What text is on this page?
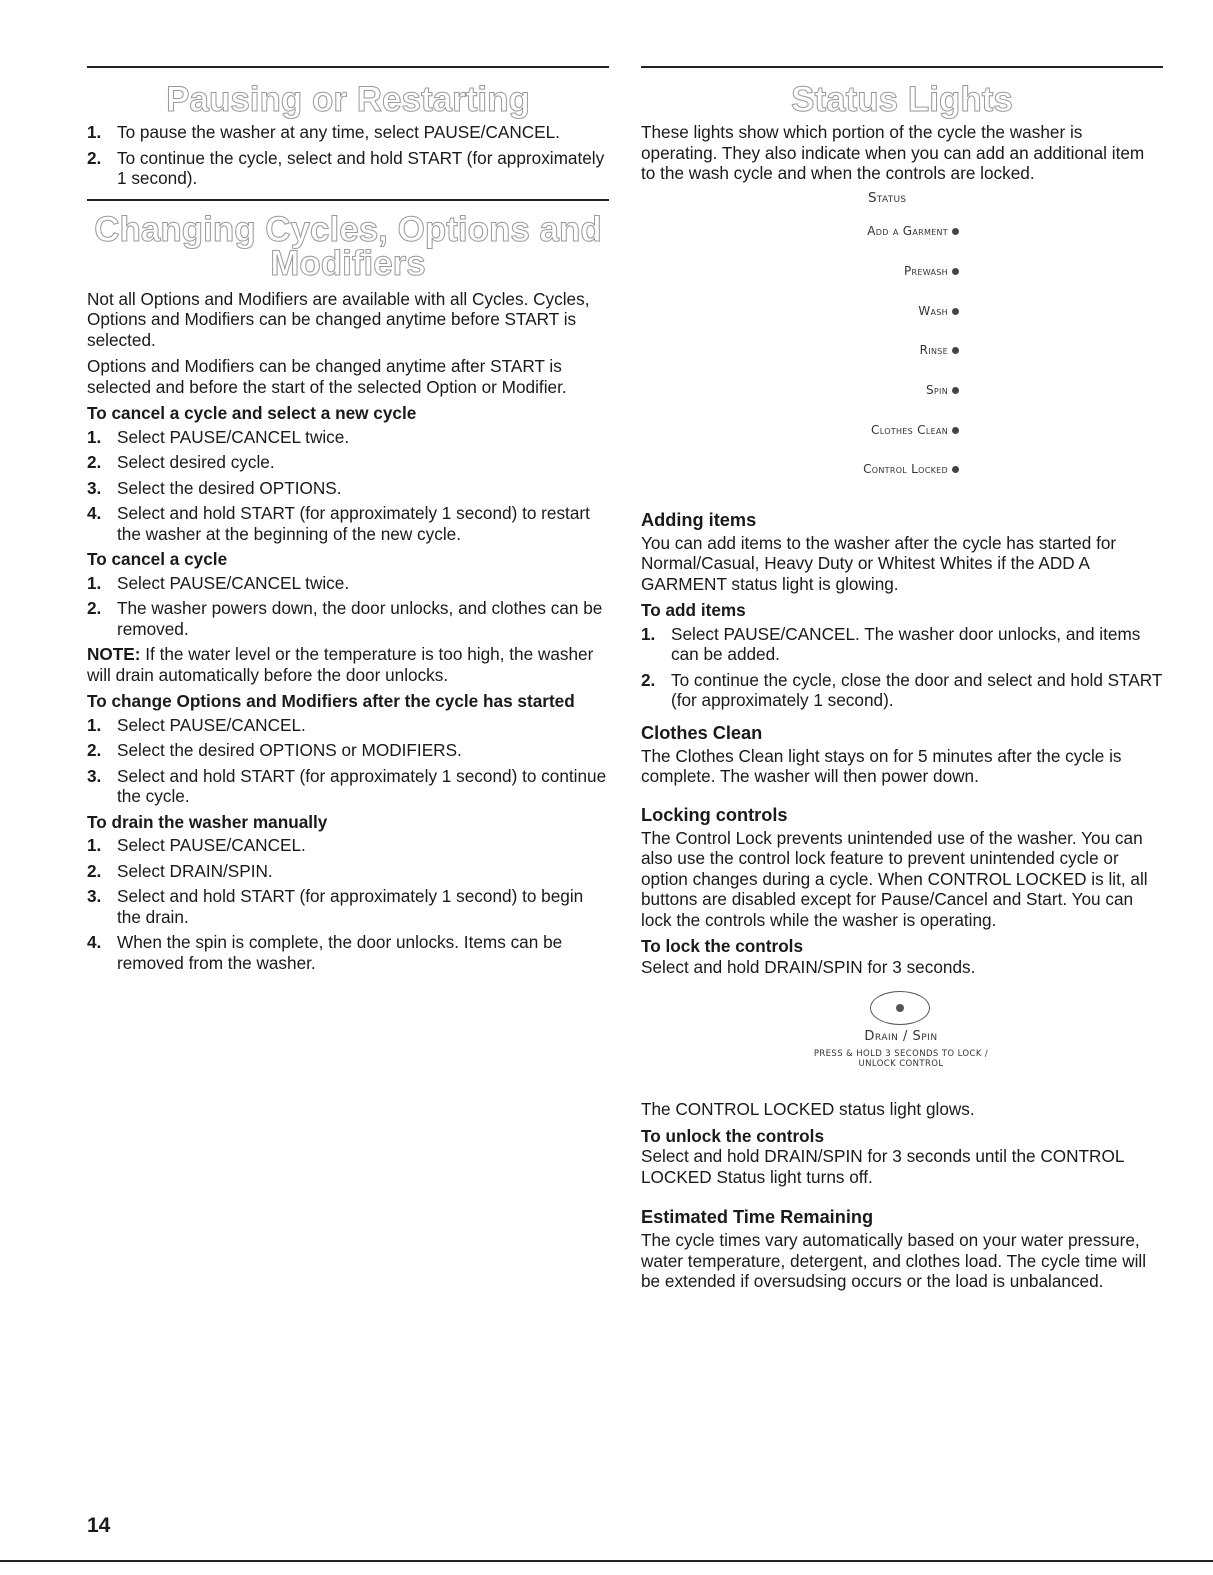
Pausing or Restarting
1. To pause the washer at any time, select PAUSE/CANCEL.
2. To continue the cycle, select and hold START (for approximately 1 second).
Changing Cycles, Options and
Modifiers

Not all Options and Modifiers are available with all Cycles. Cycles, Options and Modifiers can be changed anytime before START is selected.

Options and Modifiers can be changed anytime after START is selected and before the start of the selected Option or Modifier.

To cancel a cycle and select a new cycle
1. Select PAUSE/CANCEL twice.
2. Select desired cycle.
3. Select the desired OPTIONS.
4. Select and hold START (for approximately 1 second) to restart the washer at the beginning of the new cycle.
To cancel a cycle
1. Select PAUSE/CANCEL twice.
2. The washer powers down, the door unlocks, and clothes can be removed.

NOTE: If the water level or the temperature is too high, the washer will drain automatically before the door unlocks.

To change Options and Modifiers after the cycle has started
1. Select PAUSE/CANCEL.
2. Select the desired OPTIONS or MODIFIERS.
3. Select and hold START (for approximately 1 second) to continue the cycle.
To drain the washer manually
1. Select PAUSE/CANCEL.
2. Select DRAIN/SPIN.
3. Select and hold START (for approximately 1 second) to begin the drain.
4. When the spin is complete, the door unlocks. Items can be removed from the washer.
Status Lights

These lights show which portion of the cycle the washer is operating. They also indicate when you can add an additional item to the wash cycle and when the controls are locked.

Status
Add a Garment
Prewash
Wash
Rinse
Spin
Clothes Clean
Control Locked
Adding items

You can add items to the washer after the cycle has started for Normal/Casual, Heavy Duty or Whitest Whites if the ADD A GARMENT status light is glowing.

To add items
1. Select PAUSE/CANCEL. The washer door unlocks, and items can be added.
2. To continue the cycle, close the door and select and hold START (for approximately 1 second).
Clothes Clean

The Clothes Clean light stays on for 5 minutes after the cycle is complete. The washer will then power down.

Locking controls

The Control Lock prevents unintended use of the washer. You can also use the control lock feature to prevent unintended cycle or option changes during a cycle. When CONTROL LOCKED is lit, all buttons are disabled except for Pause/Cancel and Start. You can lock the controls while the washer is operating.

To lock the controls

Select and hold DRAIN/SPIN for 3 seconds.

Drain / Spin
PRESS & HOLD 3 SECONDS TO LOCK / UNLOCK CONTROL

The CONTROL LOCKED status light glows.

To unlock the controls

Select and hold DRAIN/SPIN for 3 seconds until the CONTROL LOCKED Status light turns off.

Estimated Time Remaining

The cycle times vary automatically based on your water pressure, water temperature, detergent, and clothes load. The cycle time will be extended if oversudsing occurs or the load is unbalanced.

14
